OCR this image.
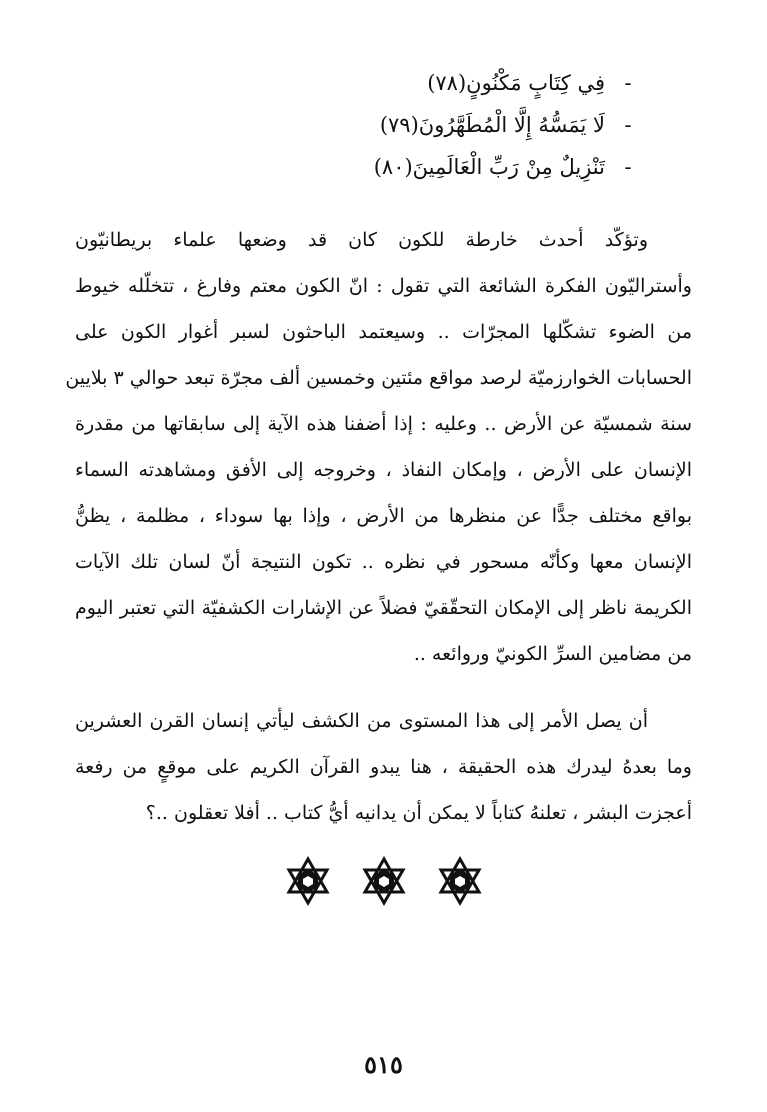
-
فِي كِتَابٍ مَكْنُونٍ(٧٨)
-
لَا يَمَسُّهُ إِلَّا الْمُطَهَّرُونَ(٧٩)
-
تَنْزِيلٌ مِنْ رَبِّ الْعَالَمِينَ(٨٠)
وتؤكّد أحدث خارطة للكون كان قد وضعها علماء بريطانيّون
وأستراليّون الفكرة الشائعة التي تقول : انّ الكون معتم وفارغ ، تتخلّله خيوط
من الضوء تشكّلها المجرّات .. وسيعتمد الباحثون لسبر أغوار الكون على
الحسابات الخوارزميّة لرصد مواقع مئتين وخمسين ألف مجرّة تبعد حوالي ٣ بلايين
سنة شمسيّة عن الأرض .. وعليه : إذا أضفنا هذه الآية إلى سابقاتها من مقدرة
الإنسان على الأرض ، وإمكان النفاذ ، وخروجه إلى الأفق ومشاهدته السماء
بواقع مختلف جدًّا عن منظرها من الأرض ، وإذا بها سوداء ، مظلمة ، يظنُّ
الإنسان معها وكأنّه مسحور في نظره .. تكون النتيجة أنّ لسان تلك الآيات
الكريمة ناظر إلى الإمكان التحقّقيّ فضلاً عن الإشارات الكشفيّة التي تعتبر اليوم
من مضامين السرِّ الكونيّ وروائعه ..
أن يصل الأمر إلى هذا المستوى من الكشف ليأتي إنسان القرن العشرين
وما بعدهُ ليدرك هذه الحقيقة ، هنا يبدو القرآن الكريم على موقعٍ من رفعة
أعجزت البشر ، تعلنهُ كتاباً لا يمكن أن يدانيه أيُّ كتاب .. أفلا تعقلون ..؟
٥١٥
